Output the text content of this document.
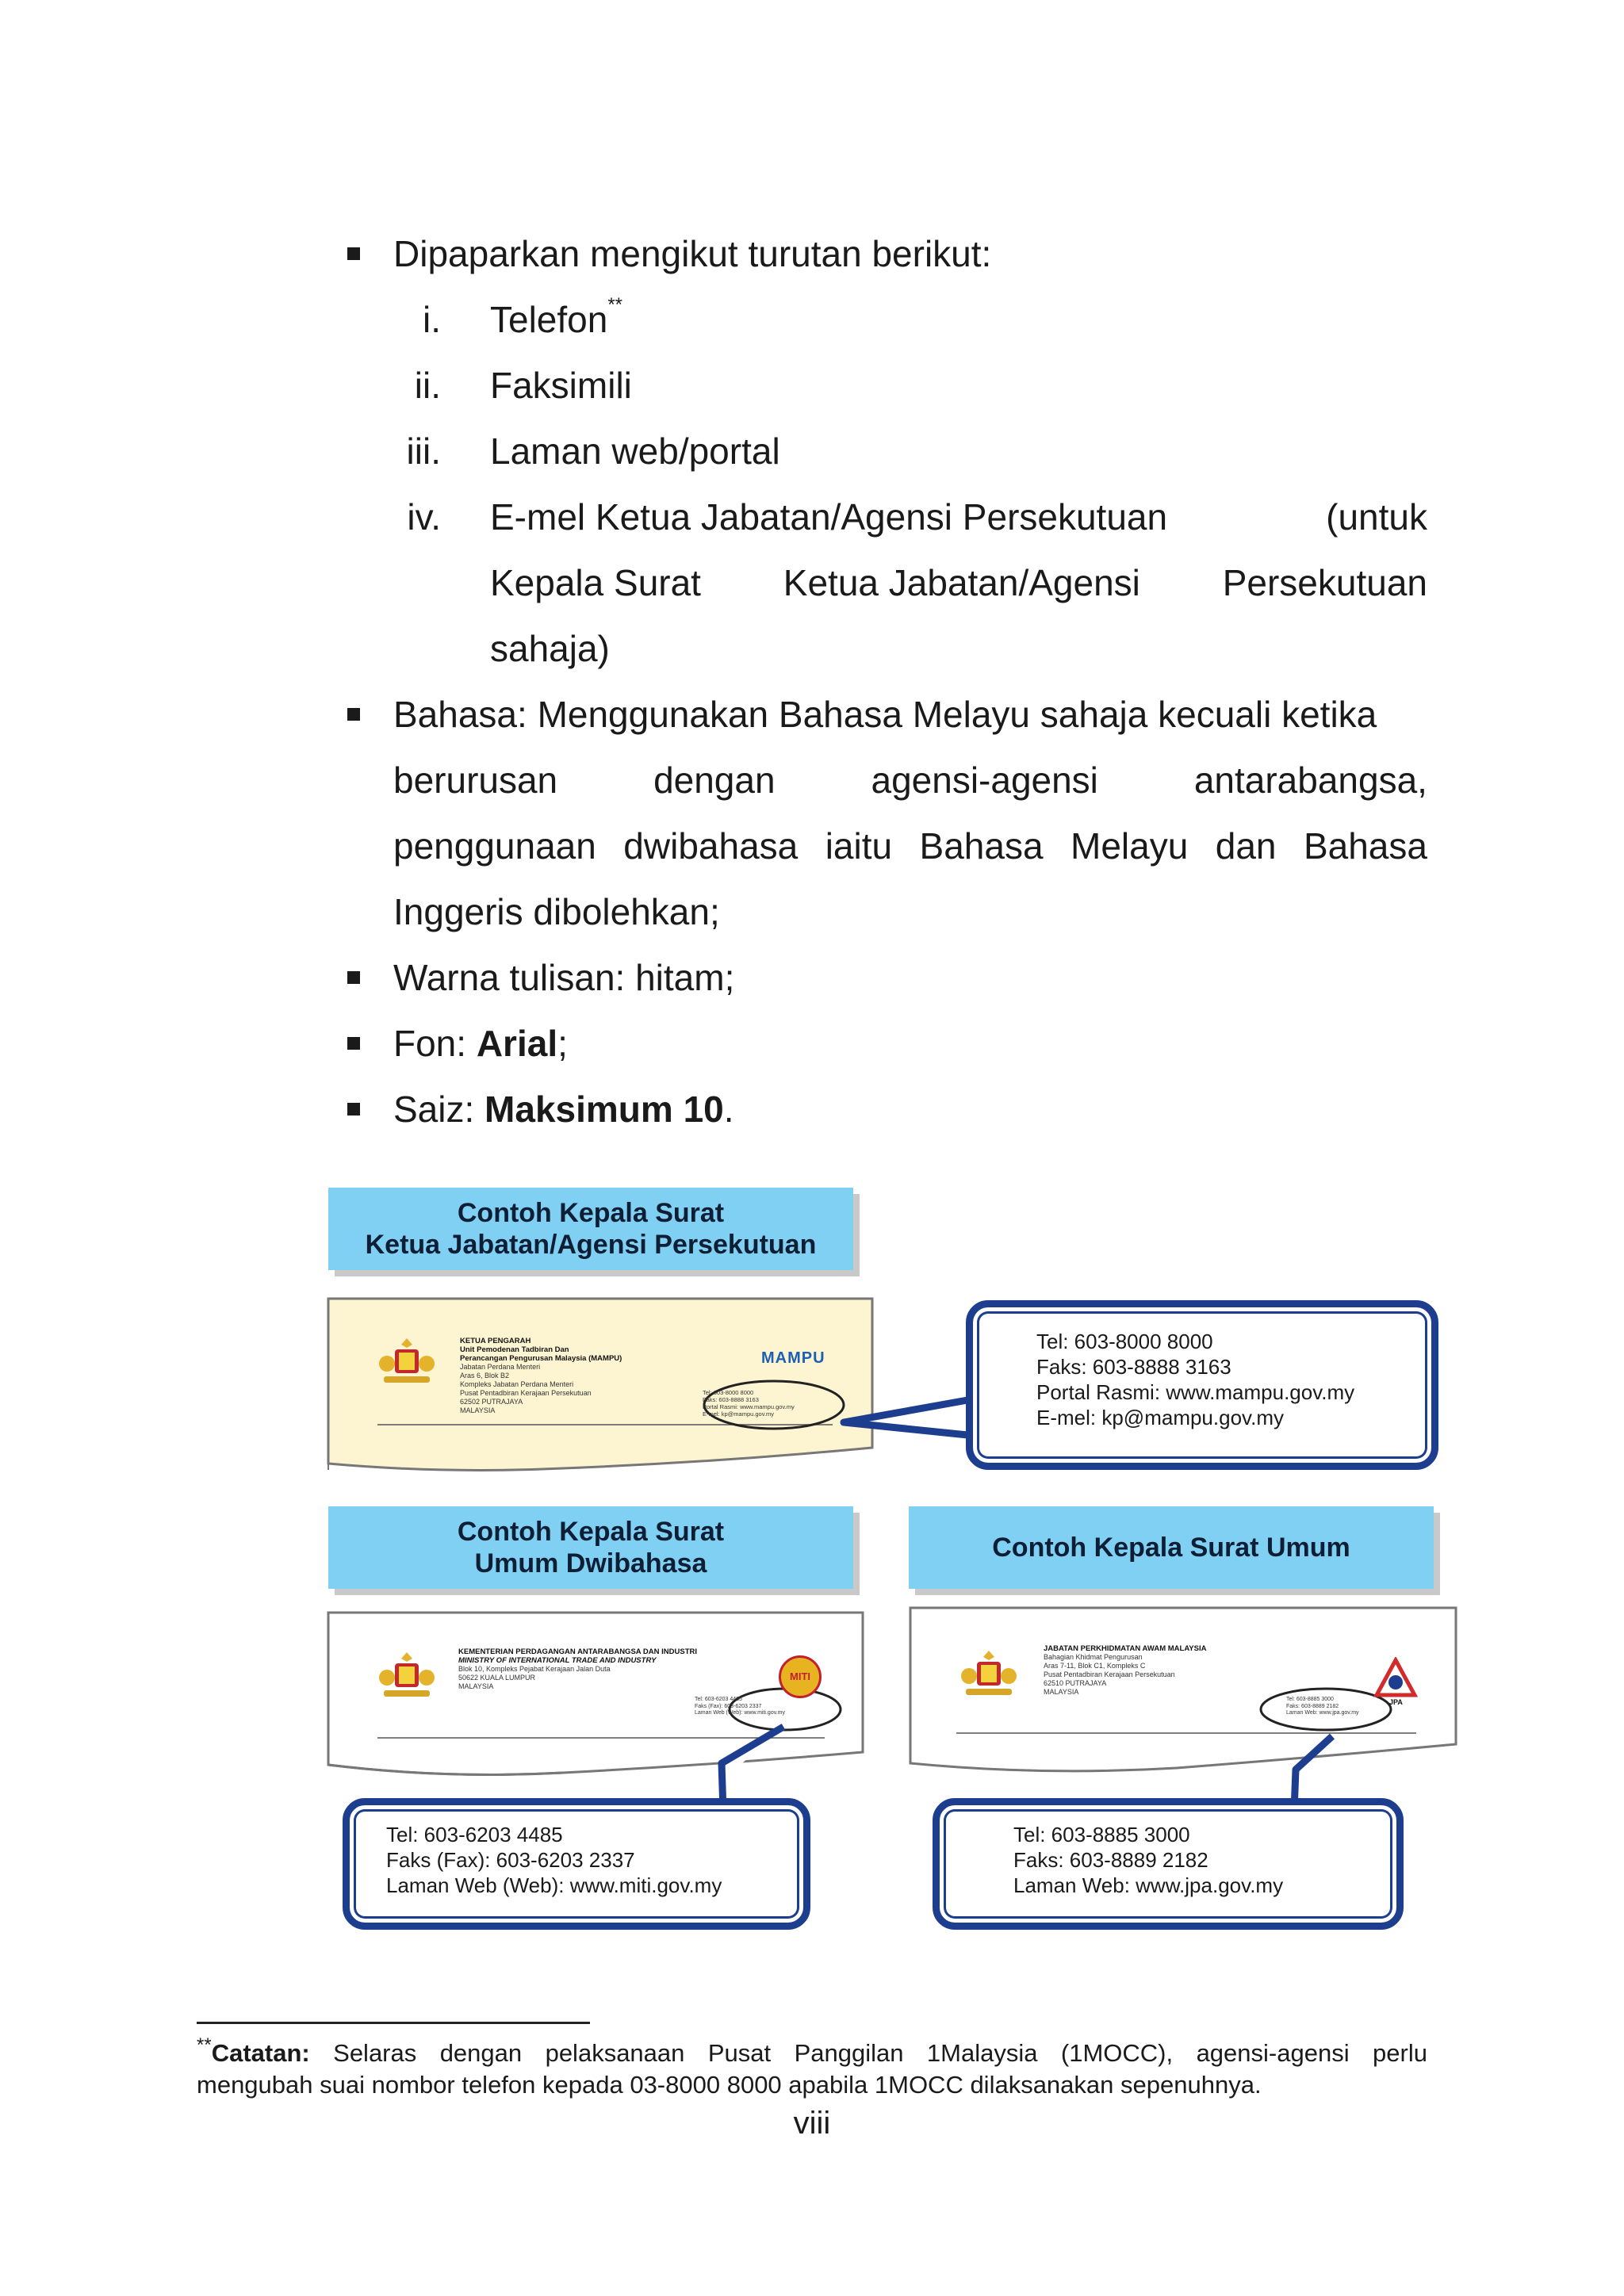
Dipaparkan mengikut turutan berikut:
i. Telefon**
ii. Faksimili
iii. Laman web/portal
iv. E-mel Ketua Jabatan/Agensi Persekutuan	(untuk
Kepala Surat Ketua Jabatan/Agensi Persekutuan
sahaja)
Bahasa: Menggunakan Bahasa Melayu sahaja kecuali ketika
berurusan	dengan	agensi-agensi	antarabangsa,
penggunaan dwibahasa iaitu Bahasa Melayu dan Bahasa
Inggeris dibolehkan;
Warna tulisan: hitam;
Fon: Arial;
Saiz: Maksimum 10.
Contoh Kepala Surat
Ketua Jabatan/Agensi Persekutuan
KETUA PENGARAH
Unit Pemodenan Tadbiran Dan
Perancangan Pengurusan Malaysia (MAMPU)
Jabatan Perdana Menteri
Aras 6, Blok B2
Kompleks Jabatan Perdana Menteri
Pusat Pentadbiran Kerajaan Persekutuan
62502 PUTRAJAYA
MALAYSIA
MAMPU
Tel: 603-8000 8000
Faks: 603-8888 3163
Portal Rasmi: www.mampu.gov.my
E-mel: kp@mampu.gov.my
Tel: 603-8000 8000
Faks: 603-8888 3163
Portal Rasmi: www.mampu.gov.my
E-mel: kp@mampu.gov.my
Contoh Kepala Surat
Umum Dwibahasa
KEMENTERIAN PERDAGANGAN ANTARABANGSA DAN INDUSTRI
MINISTRY OF INTERNATIONAL TRADE AND INDUSTRY
Blok 10, Kompleks Pejabat Kerajaan Jalan Duta
50622 KUALA LUMPUR
MALAYSIA
MITI
Tel: 603-6203 4485
Faks (Fax): 603-6203 2337
Laman Web (Web): www.miti.gov.my
Tel: 603-6203 4485
Faks (Fax): 603-6203 2337
Laman Web (Web): www.miti.gov.my
Contoh Kepala Surat Umum
JABATAN PERKHIDMATAN AWAM MALAYSIA
Bahagian Khidmat Pengurusan
Aras 7-11, Blok C1, Kompleks C
Pusat Pentadbiran Kerajaan Persekutuan
62510 PUTRAJAYA
MALAYSIA
JPA
Tel: 603-8885 3000
Faks: 603-8889 2182
Laman Web: www.jpa.gov.my
Tel: 603-8885 3000
Faks: 603-8889 2182
Laman Web: www.jpa.gov.my
**Catatan: Selaras dengan pelaksanaan Pusat Panggilan 1Malaysia (1MOCC), agensi-agensi perlu
mengubah suai nombor telefon kepada 03-8000 8000 apabila 1MOCC dilaksanakan sepenuhnya.
viii
